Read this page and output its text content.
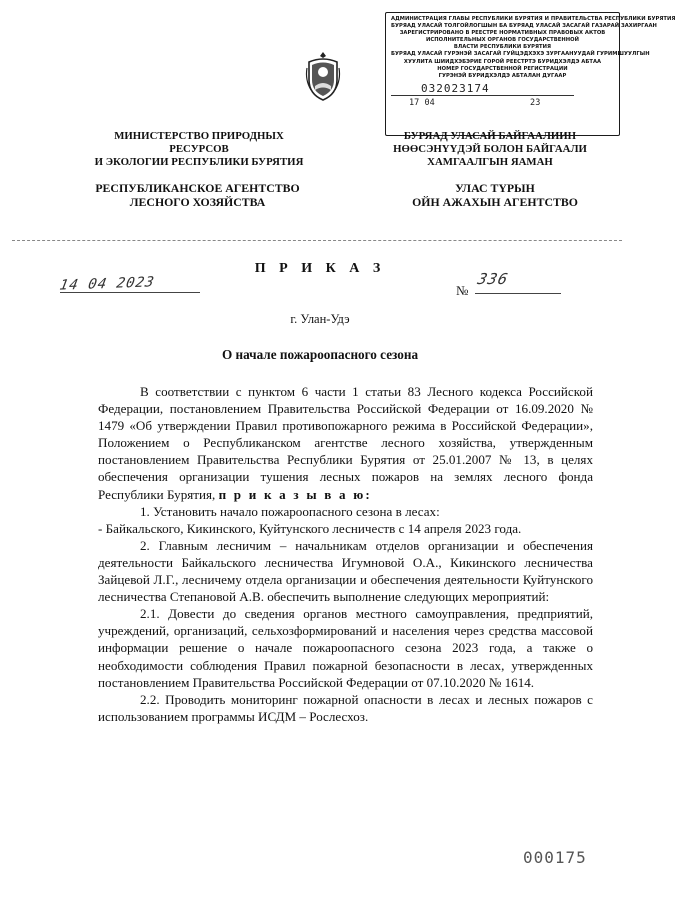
АДМИНИСТРАЦИЯ ГЛАВЫ РЕСПУБЛИКИ БУРЯТИЯ И ПРАВИТЕЛЬСТВА РЕСПУБЛИКИ БУРЯТИЯ
БУРЯАД УЛАСАЙ ТОЛГОЙЛОГШЫН БА БУРЯАД УЛАСАЙ ЗАСАГАЙ ГАЗАРАЙ ЗАХИРГААН
ЗАРЕГИСТРИРОВАНО В РЕЕСТРЕ НОРМАТИВНЫХ ПРАВОВЫХ АКТОВ
ИСПОЛНИТЕЛЬНЫХ ОРГАНОВ ГОСУДАРСТВЕННОЙ
ВЛАСТИ РЕСПУБЛИКИ БУРЯТИЯ
БУРЯАД УЛАСАЙ ГУРЭНЭЙ ЗАСАГАЙ ГУЙЦЭДХЭХЭ ЗУРГААНУУДАЙ ГУРИМШУУЛГЫН
ХУУЛИТА ШИИДХЭБЭРИЕ ГОРОЙ РЕЕСТРТЭ БУРИДХЭЛДЭ АБТАА
НОМЕР ГОСУДАРСТВЕННОЙ РЕГИСТРАЦИИ
ГУРЭНЭЙ БУРИДХЭЛДЭ АБТАЛАН ДУГААР
032023174
17 04	23
МИНИСТЕРСТВО ПРИРОДНЫХ РЕСУРСОВ
И ЭКОЛОГИИ РЕСПУБЛИКИ БУРЯТИЯ
БУРЯАД УЛАСАЙ БАЙГААЛИИН
НӨӨСЭНҮҮДЭЙ БОЛОН БАЙГААЛИ
ХАМГААЛГЫН ЯАМАН
РЕСПУБЛИКАНСКОЕ АГЕНТСТВО
ЛЕСНОГО ХОЗЯЙСТВА
УЛАС ТҮРЫН
ОЙН АЖАХЫН АГЕНТСТВО
П Р И К А З
14 04 2023	№
336
г. Улан-Удэ
О начале пожароопасного сезона

В соответствии с пунктом 6 части 1 статьи 83 Лесного кодекса Российской Федерации, постановлением Правительства Российской Федерации от 16.09.2020 № 1479 «Об утверждении Правил противопожарного режима в Российской Федерации», Положением о Республиканском агентстве лесного хозяйства, утвержденным постановлением Правительства Республики Бурятия от 25.01.2007 № 13, в целях обеспечения организации тушения лесных пожаров на землях лесного фонда Республики Бурятия, п р и к а з ы в а ю:

1. Установить начало пожароопасного сезона в лесах:

- Байкальского, Кикинского, Куйтунского лесничеств с 14 апреля 2023 года.

2. Главным лесничим – начальникам отделов организации и обеспечения деятельности Байкальского лесничества Игумновой О.А., Кикинского лесничества Зайцевой Л.Г., лесничему отдела организации и обеспечения деятельности Куйтунского лесничества Степановой А.В. обеспечить выполнение следующих мероприятий:

2.1. Довести до сведения органов местного самоуправления, предприятий, учреждений, организаций, сельхозформирований и населения через средства массовой информации решение о начале пожароопасного сезона 2023 года, а также о необходимости соблюдения Правил пожарной безопасности в лесах, утвержденных постановлением Правительства Российской Федерации от 07.10.2020 № 1614.

2.2. Проводить мониторинг пожарной опасности в лесах и лесных пожаров с использованием программы ИСДМ – Рослесхоз.

000175
